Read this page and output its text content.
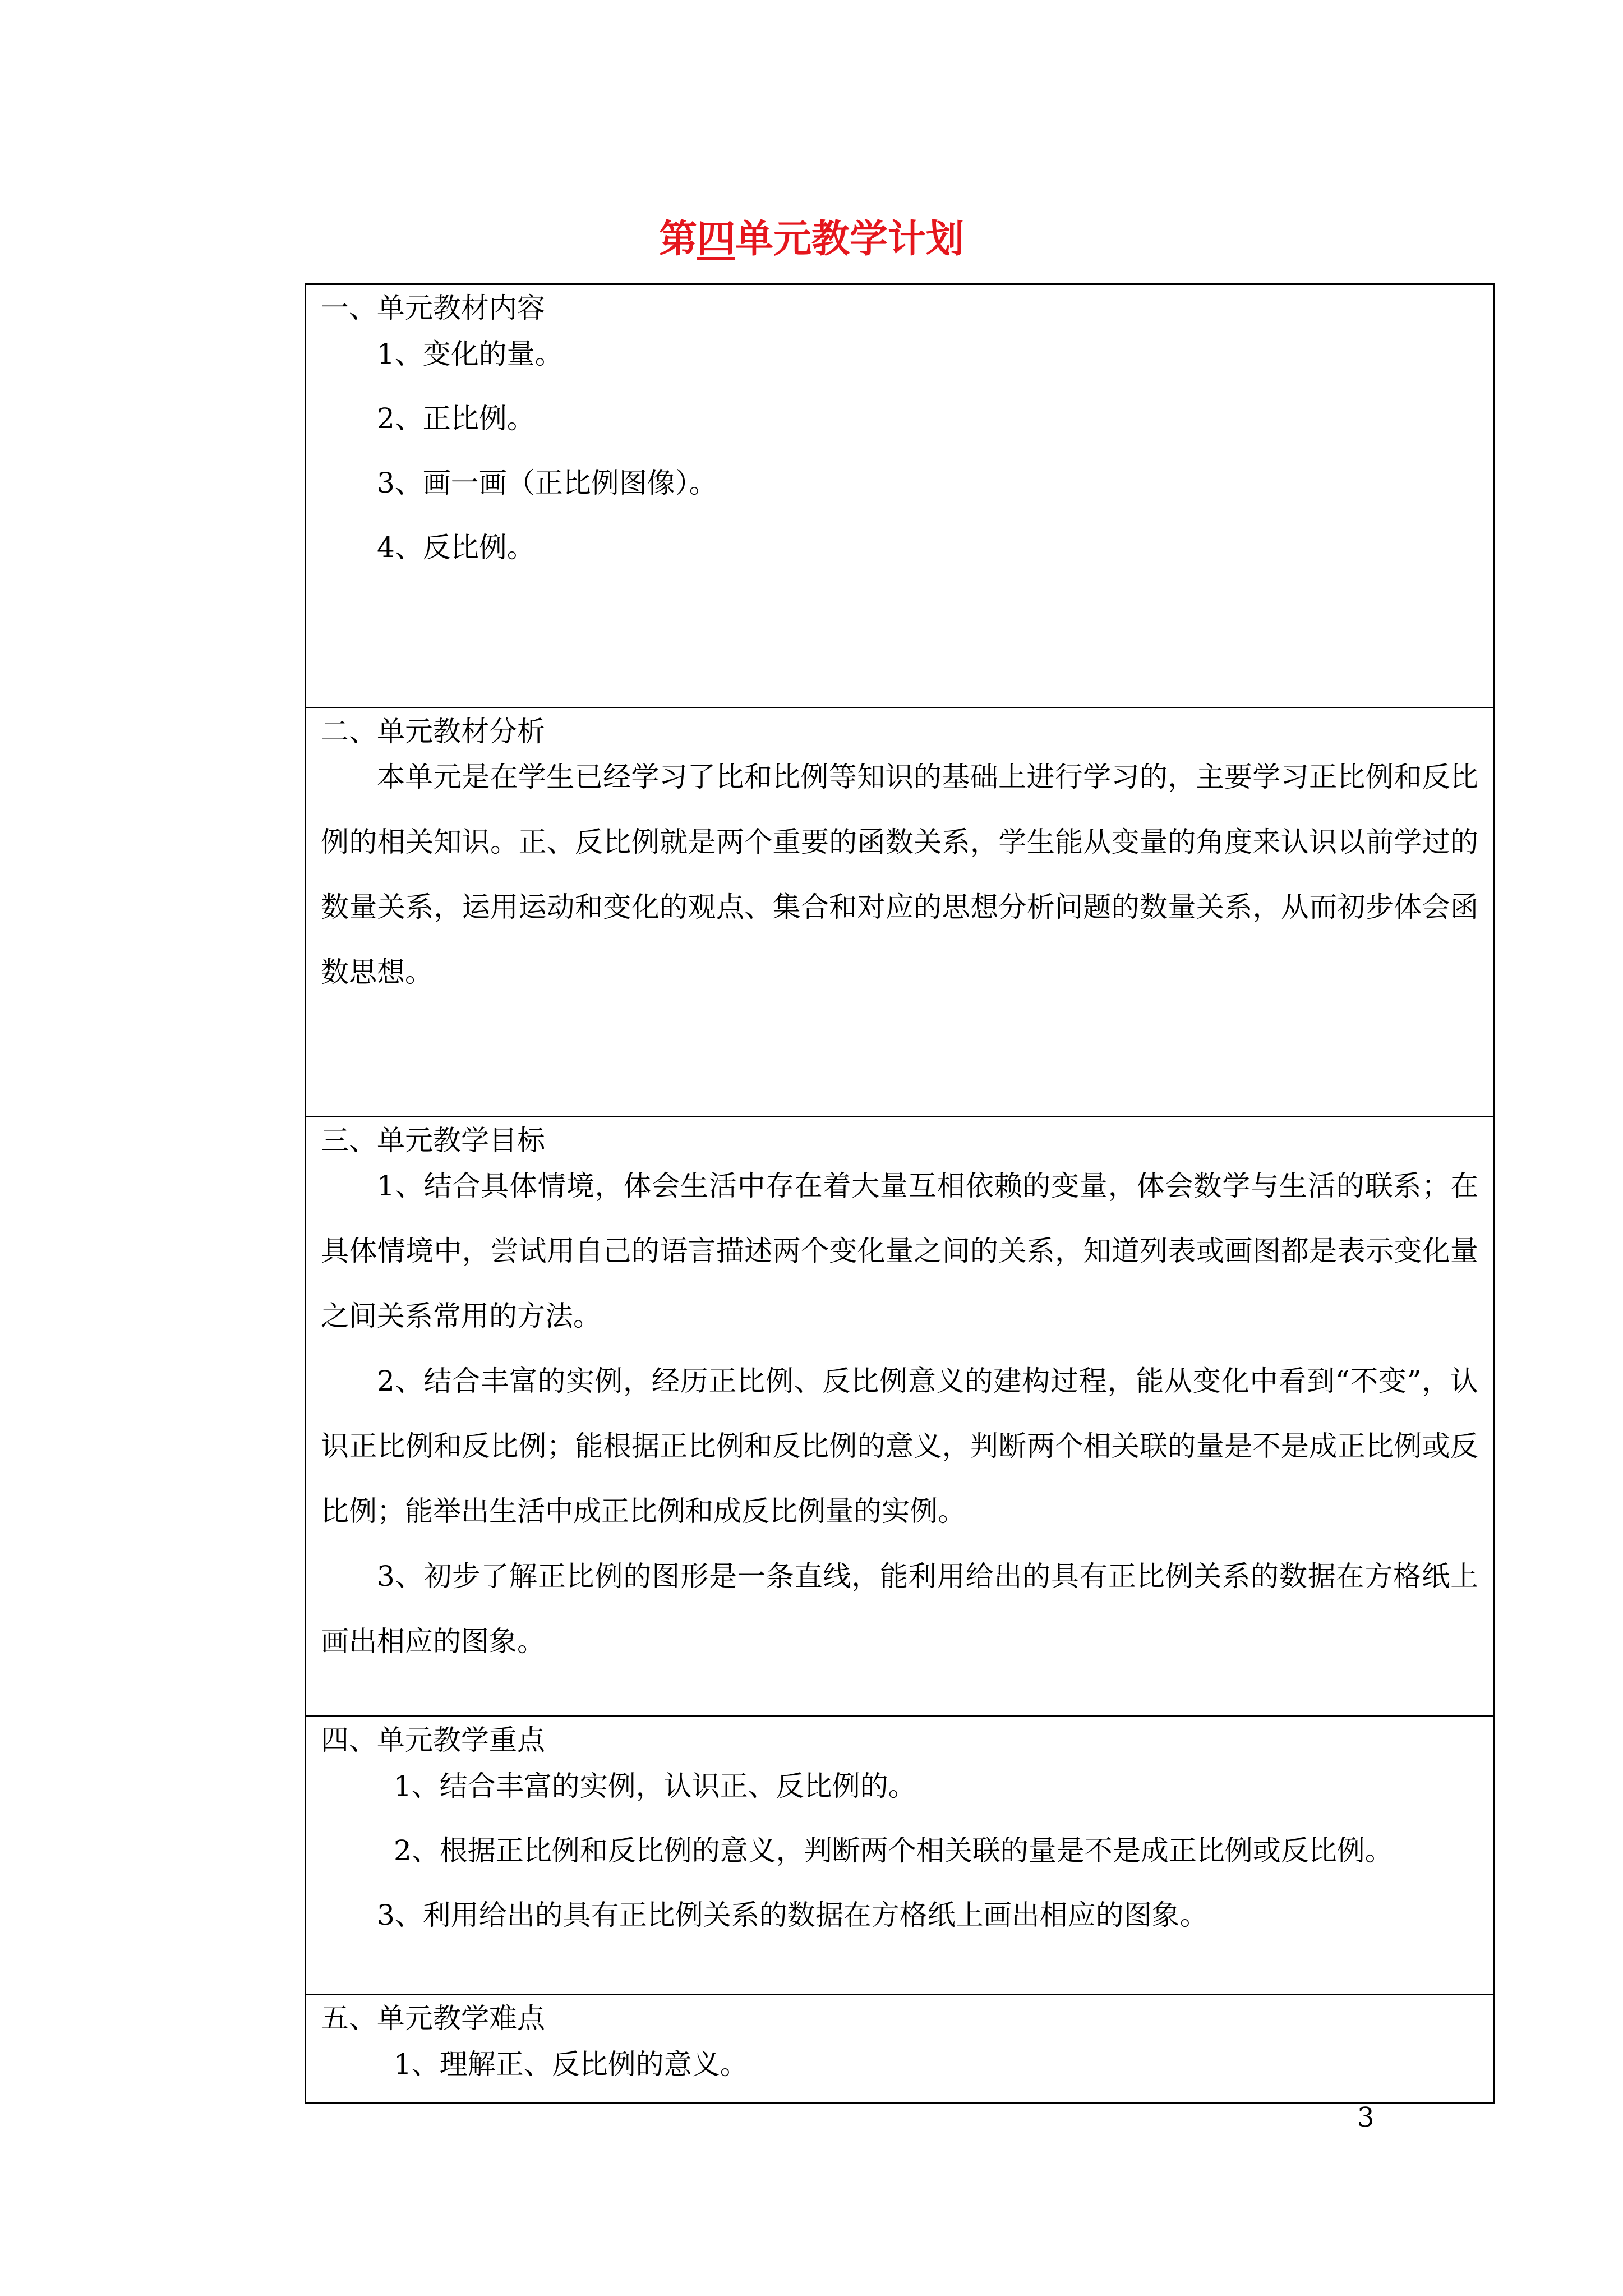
第四单元教学计划
一、单元教材内容
1、变化的量。
2、正比例。
3、画一画（正比例图像）。
4、反比例。
二、单元教材分析
本单元是在学生已经学习了比和比例等知识的基础上进行学习的，主要学习正比例和反比例的相关知识。正、反比例就是两个重要的函数关系，学生能从变量的角度来认识以前学过的数量关系，运用运动和变化的观点、集合和对应的思想分析问题的数量关系，从而初步体会函数思想。
三、单元教学目标
1、结合具体情境，体会生活中存在着大量互相依赖的变量，体会数学与生活的联系；在具体情境中，尝试用自己的语言描述两个变化量之间的关系，知道列表或画图都是表示变化量之间关系常用的方法。
2、结合丰富的实例，经历正比例、反比例意义的建构过程，能从变化中看到“不变”，认识正比例和反比例；能根据正比例和反比例的意义，判断两个相关联的量是不是成正比例或反比例；能举出生活中成正比例和成反比例量的实例。
3、初步了解正比例的图形是一条直线，能利用给出的具有正比例关系的数据在方格纸上画出相应的图象。
四、单元教学重点
1、结合丰富的实例，认识正、反比例的。
2、根据正比例和反比例的意义，判断两个相关联的量是不是成正比例或反比例。
3、利用给出的具有正比例关系的数据在方格纸上画出相应的图象。
五、单元教学难点
1、理解正、反比例的意义。
3
